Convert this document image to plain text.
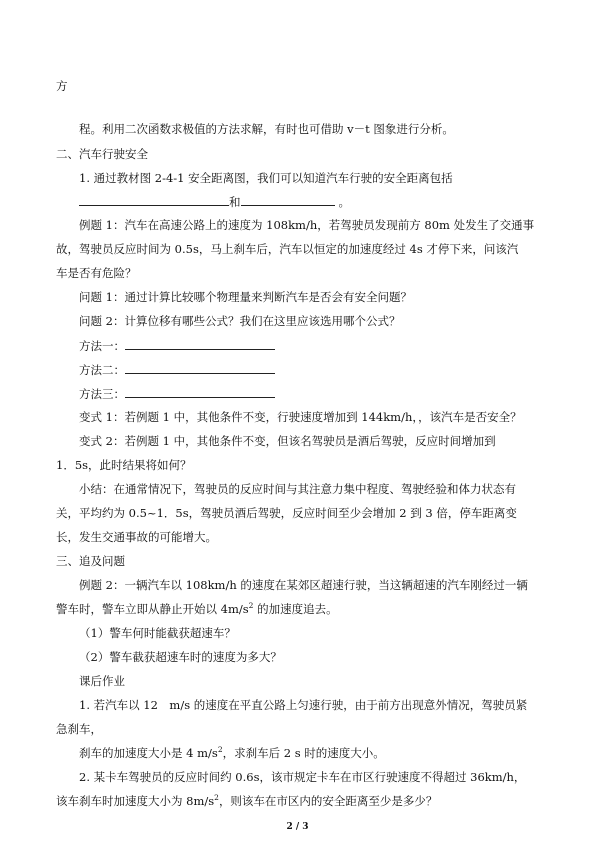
方
程。利用二次函数求极值的方法求解，有时也可借助 v－t 图象进行分析。
二、汽车行驶安全
1. 通过教材图 2-4-1 安全距离图，我们可以知道汽车行驶的安全距离包括
和	。
例题 1：汽车在高速公路上的速度为 108km/h，若驾驶员发现前方 80m 处发生了交通事
故，驾驶员反应时间为 0.5s，马上刹车后，汽车以恒定的加速度经过 4s 才停下来，问该汽
车是否有危险？
问题 1：通过计算比较哪个物理量来判断汽车是否会有安全问题？
问题 2：计算位移有哪些公式？我们在这里应该选用哪个公式？
方法一：
方法二：
方法三：
变式 1：若例题 1 中，其他条件不变，行驶速度增加到 144km/h，，该汽车是否安全？
变式 2：若例题 1 中，其他条件不变，但该名驾驶员是酒后驾驶，反应时间增加到
1．5s，此时结果将如何？
小结：在通常情况下，驾驶员的反应时间与其注意力集中程度、驾驶经验和体力状态有
关，平均约为 0.5~1．5s，驾驶员酒后驾驶，反应时间至少会增加 2 到 3 倍，停车距离变
长，发生交通事故的可能增大。
三、追及问题
例题 2：一辆汽车以 108km/h 的速度在某郊区超速行驶，当这辆超速的汽车刚经过一辆
警车时，警车立即从静止开始以 $4m/s^2$ 的加速度追去。
（1）警车何时能截获超速车？
（2）警车截获超速车时的速度为多大？
课后作业
1. 若汽车以 12　m/s 的速度在平直公路上匀速行驶，由于前方出现意外情况，驾驶员紧
急刹车，
刹车的加速度大小是 4 $m/s^2$，求刹车后 2 s 时的速度大小。
2. 某卡车驾驶员的反应时间约 0.6s，该市规定卡车在市区行驶速度不得超过 36km/h，
该车刹车时加速度大小为 $8m/s^2$，则该车在市区内的安全距离至少是多少？
2 / 3
